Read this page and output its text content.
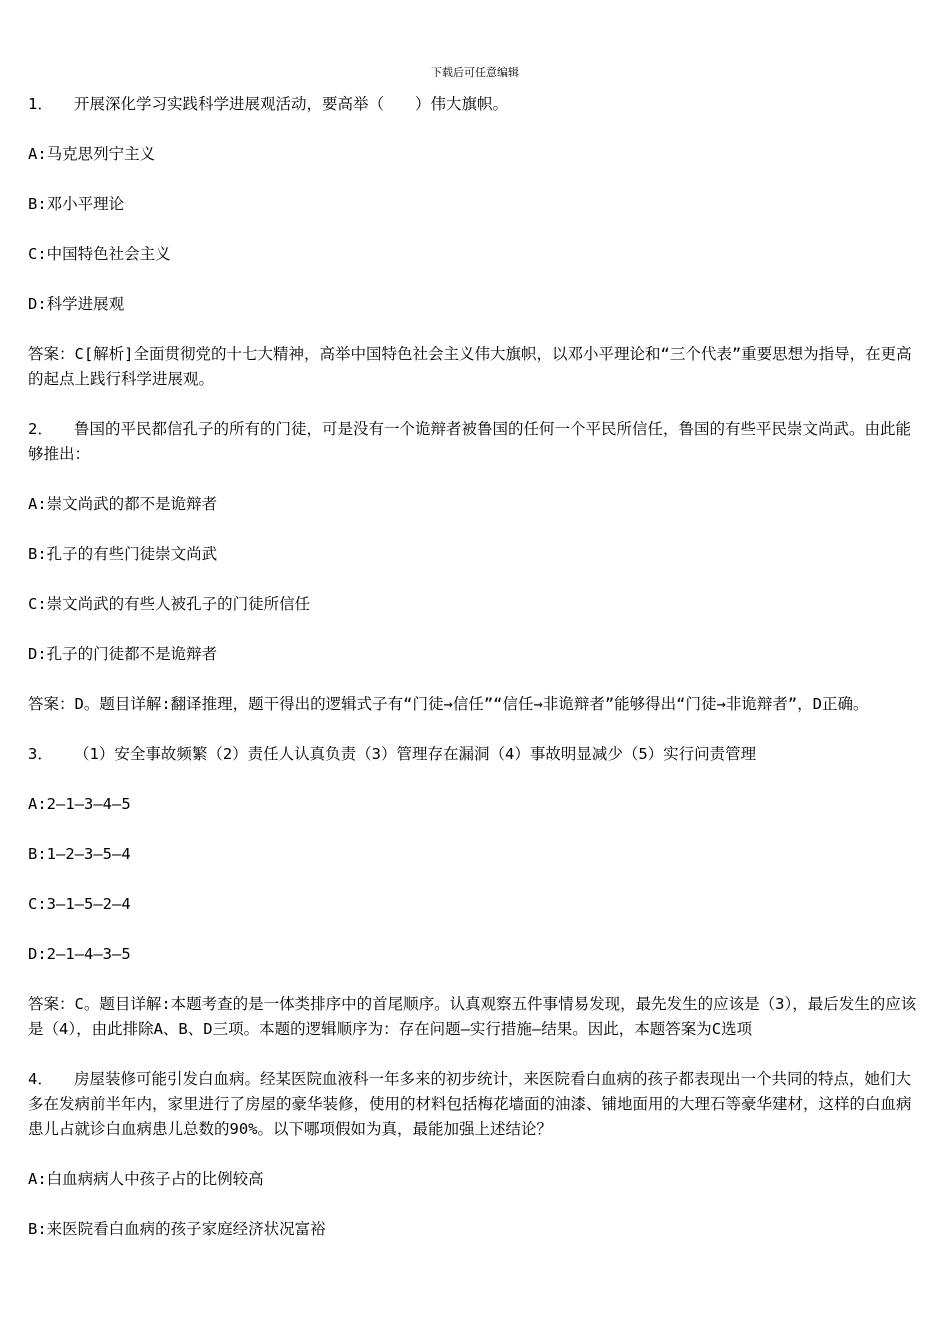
下载后可任意编辑
1． 开展深化学习实践科学进展观活动，要高举（　　）伟大旗帜。
A:马克思列宁主义
B:邓小平理论
C:中国特色社会主义
D:科学进展观
答案：C[解析]全面贯彻党的十七大精神，高举中国特色社会主义伟大旗帜，以邓小平理论和“三个代表”重要思想为指导，在更高的起点上践行科学进展观。
2． 鲁国的平民都信孔子的所有的门徒，可是没有一个诡辩者被鲁国的任何一个平民所信任，鲁国的有些平民崇文尚武。由此能够推出：
A:崇文尚武的都不是诡辩者
B:孔子的有些门徒崇文尚武
C:崇文尚武的有些人被孔子的门徒所信任
D:孔子的门徒都不是诡辩者
答案：D。题目详解:翻译推理，题干得出的逻辑式子有“门徒→信任”“信任→非诡辩者”能够得出“门徒→非诡辩者”，D正确。
3． （1）安全事故频繁（2）责任人认真负责（3）管理存在漏洞（4）事故明显减少（5）实行问责管理
A:2—1—3—4—5
B:1—2—3—5—4
C:3—1—5—2—4
D:2—1—4—3—5
答案：C。题目详解:本题考查的是一体类排序中的首尾顺序。认真观察五件事情易发现，最先发生的应该是（3），最后发生的应该是（4），由此排除A、B、D三项。本题的逻辑顺序为：存在问题—实行措施—结果。因此，本题答案为C选项
4． 房屋装修可能引发白血病。经某医院血液科一年多来的初步统计，来医院看白血病的孩子都表现出一个共同的特点，她们大多在发病前半年内，家里进行了房屋的豪华装修，使用的材料包括梅花墙面的油漆、铺地面用的大理石等豪华建材，这样的白血病患儿占就诊白血病患儿总数的90%。以下哪项假如为真，最能加强上述结论？
A:白血病病人中孩子占的比例较高
B:来医院看白血病的孩子家庭经济状况富裕
